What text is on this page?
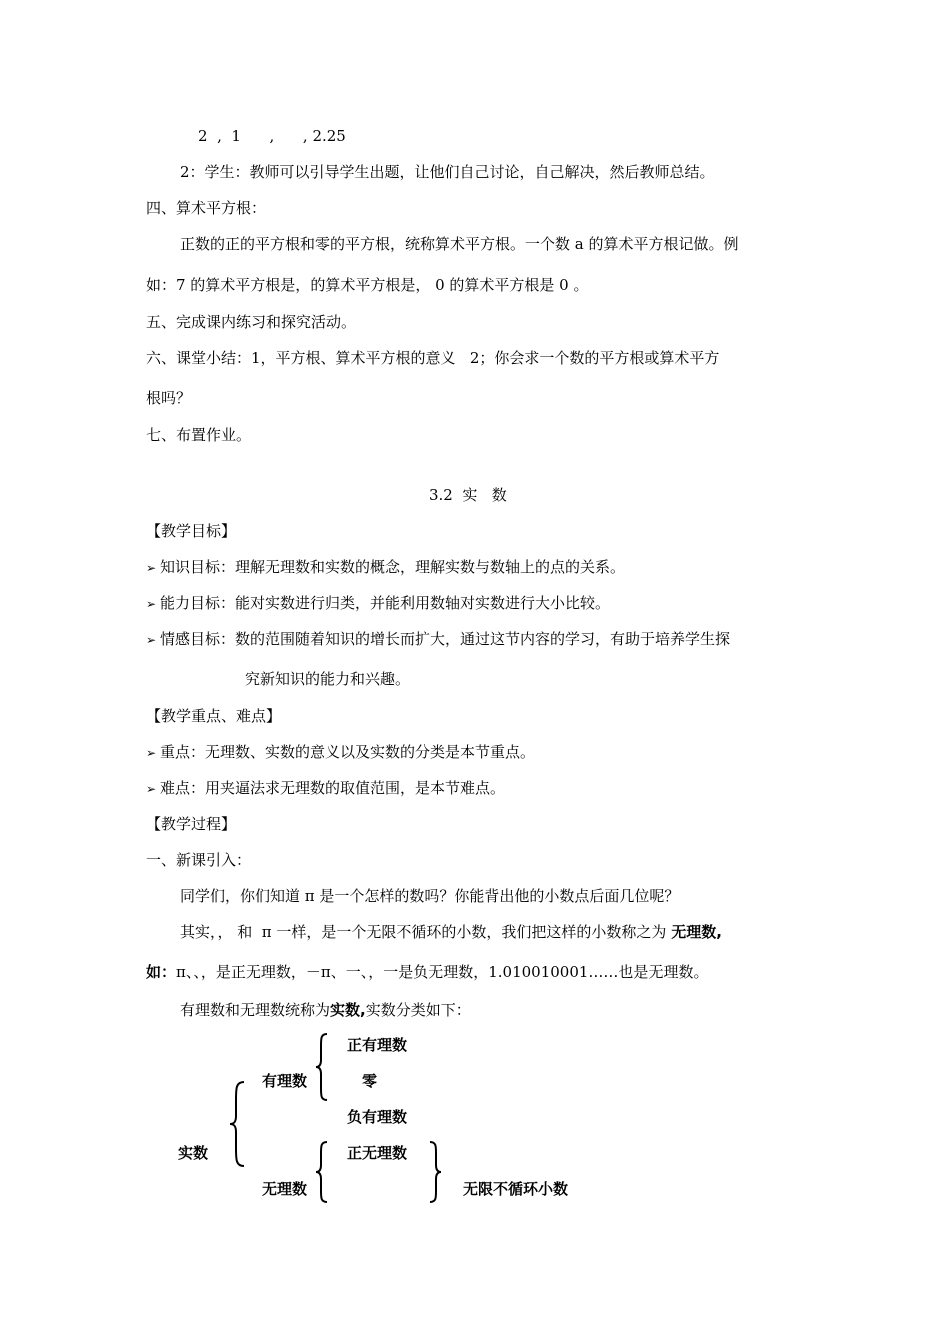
2  ,  1      ,      , 2.25
2：学生：教师可以引导学生出题，让他们自己讨论，自己解决，然后教师总结。
四、算术平方根：
正数的正的平方根和零的平方根，统称算术平方根。一个数 a 的算术平方根记做。例
如：7 的算术平方根是，的算术平方根是， 0 的算术平方根是 0 。
五、完成课内练习和探究活动。
六、课堂小结：1，平方根、算术平方根的意义   2；你会求一个数的平方根或算术平方
根吗？
七、布置作业。
3.2  实   数
【教学目标】
➢ 知识目标：理解无理数和实数的概念，理解实数与数轴上的点的关系。
➢ 能力目标：能对实数进行归类，并能利用数轴对实数进行大小比较。
➢ 情感目标：数的范围随着知识的增长而扩大，通过这节内容的学习，有助于培养学生探
究新知识的能力和兴趣。
【教学重点、难点】
➢ 重点：无理数、实数的意义以及实数的分类是本节重点。
➢ 难点：用夹逼法求无理数的取值范围，是本节难点。
【教学过程】
一、新课引入：
同学们，你们知道 π 是一个怎样的数吗？你能背出他的小数点后面几位呢？
其实，， 和  π 一样，是一个无限不循环的小数，我们把这样的小数称之为 无理数,
如：π、、，是正无理数，－π、一、，一是负无理数，1.010010001……也是无理数。
有理数和无理数统称为实数,实数分类如下：
实数
有理数
正有理数
零
负有理数
无理数
正无理数
无限不循环小数
